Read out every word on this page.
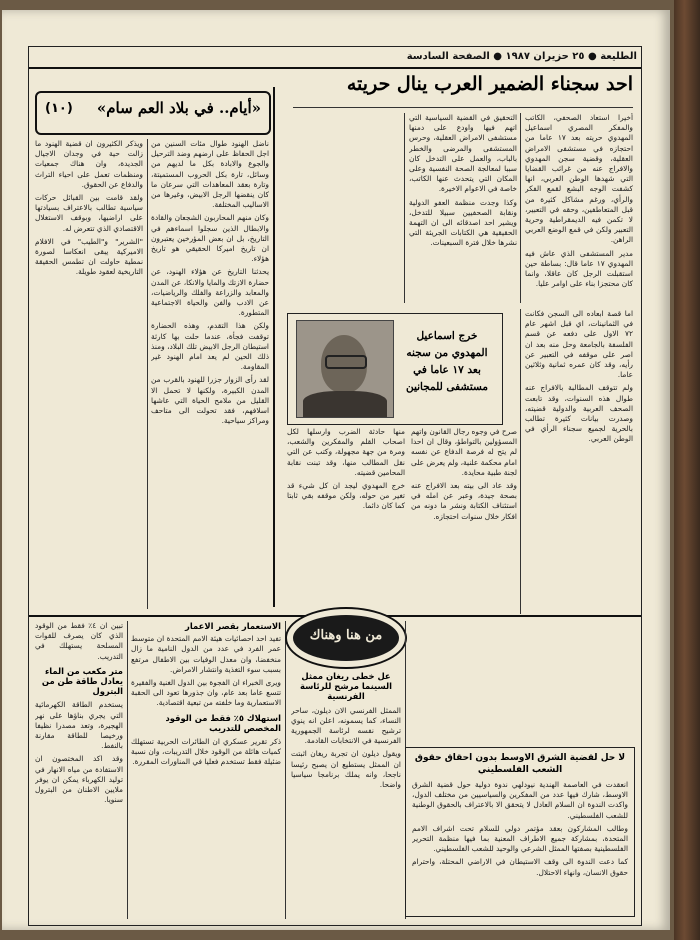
الطليعة ● ٢٥ حزيران ١٩٨٧ ● الصفحة السادسة
احد سجناء الضمير العرب ينال حريته
«أيام.. في بلاد العم سام»
(١٠)

أخيرا استعاد الصحفي، الكاتب والمفكر المصري اسماعيل المهدوي حريته بعد ١٧ عاما من احتجازه في مستشفى الامراض العقلية، وقضية سجن المهدوي والافراج عنه من غرائب القضايا التي شهدها الوطن العربي، انها كشفت الوجه البشع لقمع الفكر والرأي، ورغم مشاكل كثيرة من قبل المتعاطفين، وحقه في التعبير، لا تكمن فيه الديمقراطية وحرية التعبير ولكن في قمع الوضع العربي الراهن.

مدير المستشفى الذي عاش فيه المهدوي ١٧ عاما قال: بساطة حين استقبلت الرجل كان عاقلا، وانما كان محتجزا بناء على اوامر عليا.

التحقيق في القضية السياسية التي اتهم فيها واودع على دمنها مستشفى الامراض العقلية، وحرس المستشفى والمرضى والخطر بالباب، والعمل على التدخل كان سببا لمعالجة الصحة النفسية وعلى المكان التي يتحدث عنها الكاتب، خاصة في الاعوام الاخيرة.

وكذا وجدت منظمة العفو الدولية ونقابة الصحفيين سبيلا للتدخل، ويشير احد اصدقائه الى ان التهمة الحقيقية هي الكتابات الجريئة التي نشرها خلال فترة السبعينات.

اما قصة ابعاده الى السجن فكانت في الثمانينات، اي قبل اشهر عام ٧٢ الاول على دفعه عن قسم الفلسفة بالجامعة وحل منه بعد ان اصر على موقفه في التعبير عن رأيه، وقد كان عمره ثمانية وثلاثين عاما.

ولم تتوقف المطالبة بالافراج عنه طوال هذه السنوات، وقد تابعت الصحف العربية والدولية قضيته، وصدرت بيانات كثيرة تطالب بالحرية لجميع سجناء الرأي في الوطن العربي.

صرح في وجوه رجال القانون واتهم المسؤولين بالتواطؤ، وقال ان احدا لم يتح له فرصة الدفاع عن نفسه امام محكمة علنية، ولم يعرض على لجنة طبية محايدة.

وقد عاد الى بيته بعد الافراج عنه بصحة جيدة، وعبر عن امله في استئناف الكتابة ونشر ما دونه من افكار خلال سنوات احتجازه.

منها حادثة الضرب وارسلها لكل اصحاب القلم والمفكرين والشعب، ومرة من جهة مجهولة، وكتب عن التي نقل المطالب منها، وقد تبنت نقابة المحامين قضيته.

خرج المهدوي ليجد ان كل شيء قد تغير من حوله، ولكن موقفه بقي ثابتا كما كان دائما.

خرج اسماعيل المهدوي من سجنه بعد ١٧ عاما في مستشفى للمجانين

ناضل الهنود طوال مئات السنين من اجل الحفاظ على ارضهم وضد الترحيل والجوع والابادة بكل ما لديهم من وسائل، تارة بكل الحروب المستميتة، وتارة بعقد المعاهدات التي سرعان ما كان ينقضها الرجل الابيض، وغيرها من الاساليب المختلفة.

وكان منهم المحاربون الشجعان والقادة والابطال الذين سجلوا اسماءهم في التاريخ، بل ان بعض المؤرخين يعتبرون ان تاريخ اميركا الحقيقي هو تاريخ هؤلاء.

يحدثنا التاريخ عن هؤلاء الهنود، عن حضارة الازتك والمايا والانكا، عن المدن والمعابد والزراعة والفلك والرياضيات، عن الادب والفن والحياة الاجتماعية المتطورة.

ولكن هذا التقدم، وهذه الحضارة توقفت فجأة، عندما حلت بها كارثة استيطان الرجل الابيض تلك البلاد، ومنذ ذلك الحين لم يعد امام الهنود غير المقاومة.

لقد رأى الزوار جزرا للهنود بالقرب من المدن الكبيرة، ولكنها لا تحمل الا القليل من ملامح الحياة التي عاشها اسلافهم، فقد تحولت الى متاحف ومراكز سياحية.

ويذكر الكثيرون ان قضية الهنود ما زالت حية في وجدان الاجيال الجديدة، وان هناك جمعيات ومنظمات تعمل على احياء التراث والدفاع عن الحقوق.

ولقد قامت بين القبائل حركات سياسية تطالب بالاعتراف بسيادتها على اراضيها، وبوقف الاستغلال الاقتصادي الذي تتعرض له.

"الشرير" و"الطيب" في الافلام الاميركية يبقى انعكاسا لصورة نمطية حاولت ان تطمس الحقيقة التاريخية لعقود طويلة.

تبين ان ٤٪ فقط من الوقود الذي كان يصرف للقوات المسلحة يستهلك في التدريب.

متر مكعب من الماء يعادل طاقة طن من البترول

يستخدم الطاقة الكهرمائية التي يجري بناؤها على نهر الهجيرة، وتعد مصدرا نظيفا ورخيصا للطاقة مقارنة بالنفط.

وقد اكد المختصون ان الاستفادة من مياه الانهار في توليد الكهرباء يمكن ان يوفر ملايين الاطنان من البترول سنويا.

الاستعمار بقصر الاعمار

تفيد احد احصائيات هيئة الامم المتحدة ان متوسط عمر الفرد في عدد من الدول النامية ما زال منخفضا، وان معدل الوفيات بين الاطفال مرتفع بسبب سوء التغذية وانتشار الامراض.

ويرى الخبراء ان الفجوة بين الدول الغنية والفقيرة تتسع عاما بعد عام، وان جذورها تعود الى الحقبة الاستعمارية وما خلفته من تبعية اقتصادية.

استهلاك ٥٪ فقط من الوقود المخصص للتدريب

ذكر تقرير عسكري ان الطائرات الحربية تستهلك كميات هائلة من الوقود خلال التدريبات، وان نسبة ضئيلة فقط تستخدم فعليا في المناورات المقررة.

من هنا وهناك

عل خطى ريغان ممثل السينما مرشح للرئاسة الفرنسية

الممثل الفرنسي الان ديلون، ساحر النساء، كما يسمونه، اعلن انه ينوي ترشيح نفسه لرئاسة الجمهورية الفرنسية في الانتخابات القادمة.

ويقول ديلون ان تجربة ريغان اثبتت ان الممثل يستطيع ان يصبح رئيسا ناجحا، وانه يملك برنامجا سياسيا واضحا.

لا حل لقضية الشرق الاوسط بدون احقاق حقوق الشعب الفلسطيني

انعقدت في العاصمة الهندية نيودلهي ندوة دولية حول قضية الشرق الاوسط، شارك فيها عدد من المفكرين والسياسيين من مختلف الدول، واكدت الندوة ان السلام العادل لا يتحقق الا بالاعتراف بالحقوق الوطنية للشعب الفلسطيني.

وطالب المشاركون بعقد مؤتمر دولي للسلام تحت اشراف الامم المتحدة، بمشاركة جميع الاطراف المعنية بما فيها منظمة التحرير الفلسطينية بصفتها الممثل الشرعي والوحيد للشعب الفلسطيني.

كما دعت الندوة الى وقف الاستيطان في الاراضي المحتلة، واحترام حقوق الانسان، وانهاء الاحتلال.
